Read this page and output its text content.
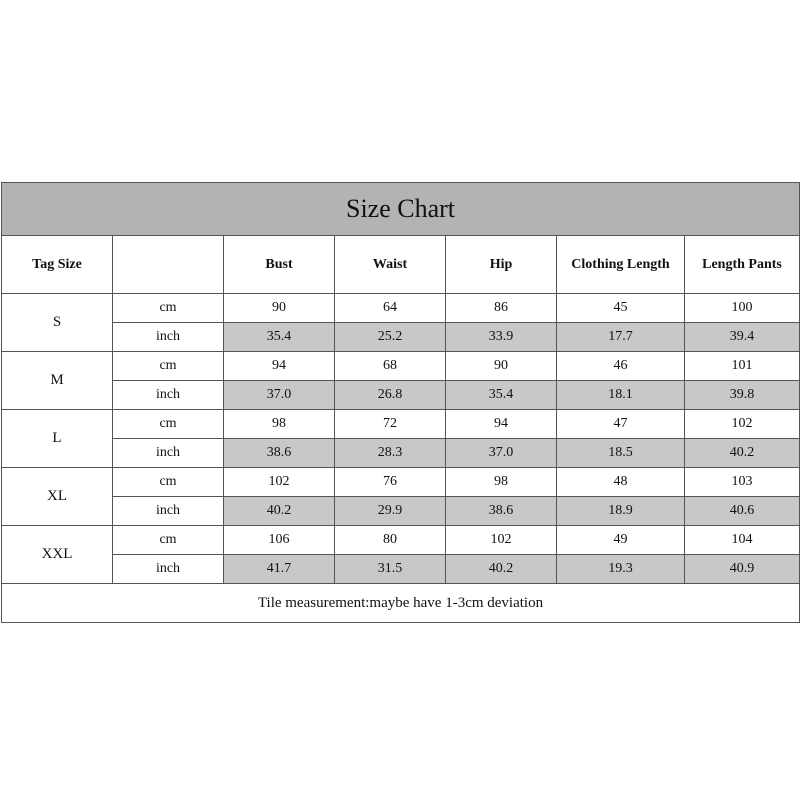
Size Chart						
Tag Size		Bust	Waist	Hip	Clothing Length	Length Pants
S	cm	90	64	86	45	100
	inch	35.4	25.2	33.9	17.7	39.4
M	cm	94	68	90	46	101
	inch	37.0	26.8	35.4	18.1	39.8
L	cm	98	72	94	47	102
	inch	38.6	28.3	37.0	18.5	40.2
XL	cm	102	76	98	48	103
	inch	40.2	29.9	38.6	18.9	40.6
XXL	cm	106	80	102	49	104
	inch	41.7	31.5	40.2	19.3	40.9
Tile measurement:maybe have 1-3cm deviation						
